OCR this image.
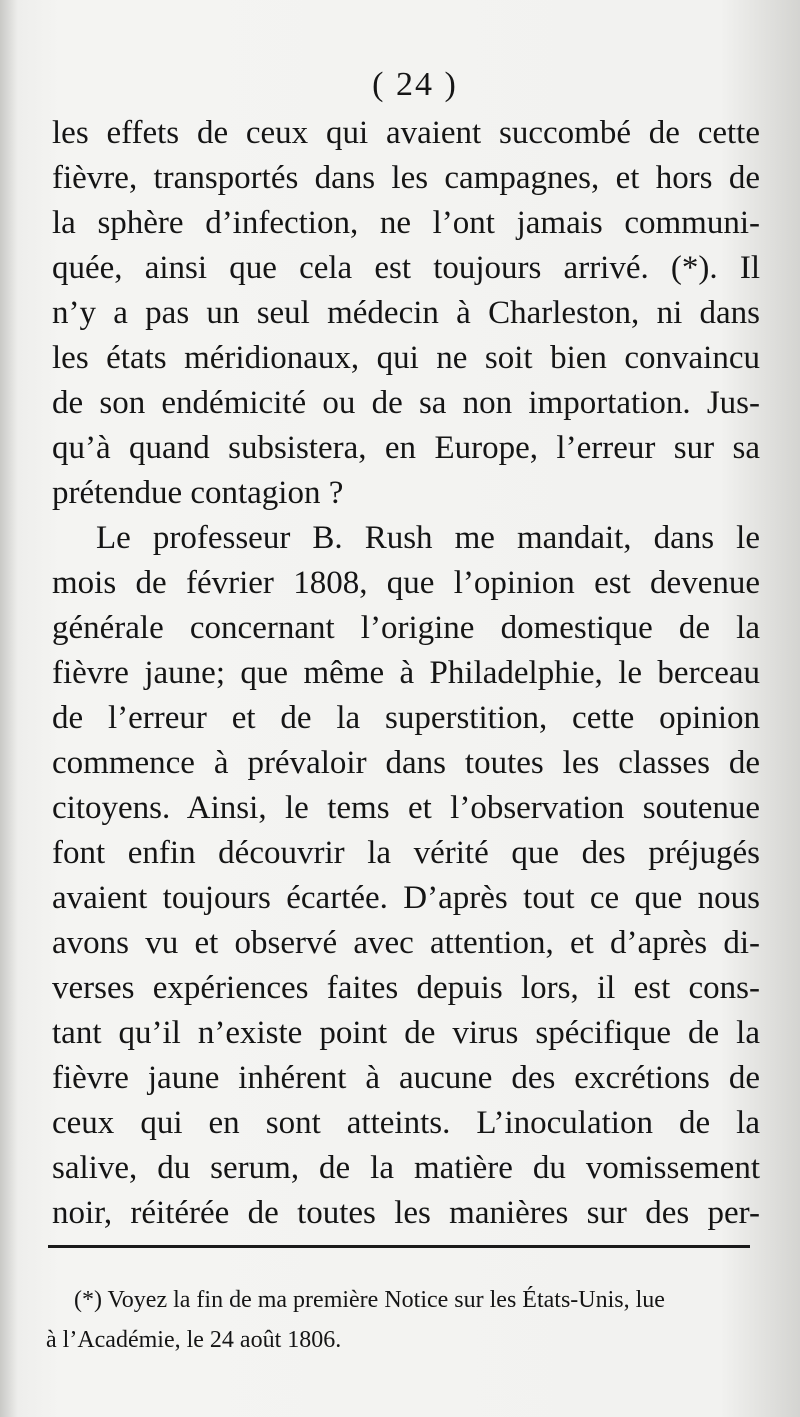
( 24 )
les effets de ceux qui avaient succombé de cette
fièvre, transportés dans les campagnes, et hors de
la sphère d’infection, ne l’ont jamais communi-
quée, ainsi que cela est toujours arrivé. (*). Il
n’y a pas un seul médecin à Charleston, ni dans
les états méridionaux, qui ne soit bien convaincu
de son endémicité ou de sa non importation. Jus-
qu’à quand subsistera, en Europe, l’erreur sur sa
prétendue contagion ?
Le professeur B. Rush me mandait, dans le
mois de février 1808, que l’opinion est devenue
générale concernant l’origine domestique de la
fièvre jaune; que même à Philadelphie, le berceau
de l’erreur et de la superstition, cette opinion
commence à prévaloir dans toutes les classes de
citoyens. Ainsi, le tems et l’observation soutenue
font enfin découvrir la vérité que des préjugés
avaient toujours écartée. D’après tout ce que nous
avons vu et observé avec attention, et d’après di-
verses expériences faites depuis lors, il est cons-
tant qu’il n’existe point de virus spécifique de la
fièvre jaune inhérent à aucune des excrétions de
ceux qui en sont atteints. L’inoculation de la
salive, du serum, de la matière du vomissement
noir, réitérée de toutes les manières sur des per-
(*) Voyez la fin de ma première Notice sur les États-Unis, lue
à l’Académie, le 24 août 1806.
